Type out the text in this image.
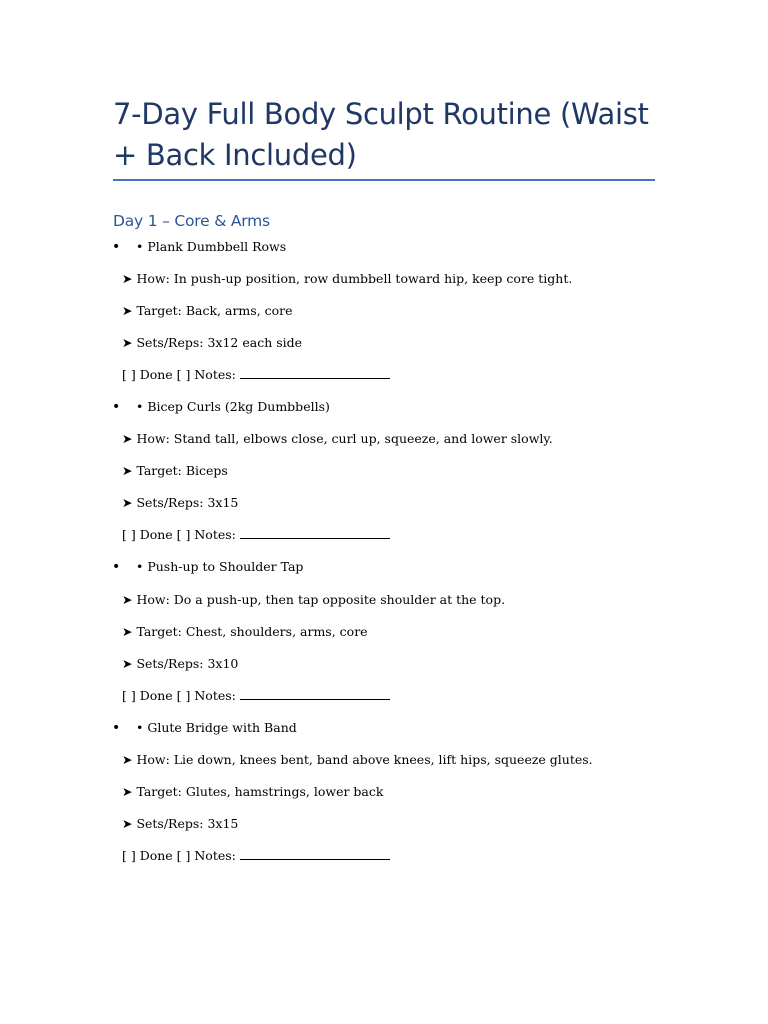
7-Day Full Body Sculpt Routine (Waist + Back Included)
Day 1 – Core & Arms
• • Plank Dumbbell Rows
➤ How: In push-up position, row dumbbell toward hip, keep core tight.
➤ Target: Back, arms, core
➤ Sets/Reps: 3x12 each side
[ ] Done [ ] Notes:
• • Bicep Curls (2kg Dumbbells)
➤ How: Stand tall, elbows close, curl up, squeeze, and lower slowly.
➤ Target: Biceps
➤ Sets/Reps: 3x15
[ ] Done [ ] Notes:
• • Push-up to Shoulder Tap
➤ How: Do a push-up, then tap opposite shoulder at the top.
➤ Target: Chest, shoulders, arms, core
➤ Sets/Reps: 3x10
[ ] Done [ ] Notes:
• • Glute Bridge with Band
➤ How: Lie down, knees bent, band above knees, lift hips, squeeze glutes.
➤ Target: Glutes, hamstrings, lower back
➤ Sets/Reps: 3x15
[ ] Done [ ] Notes:
